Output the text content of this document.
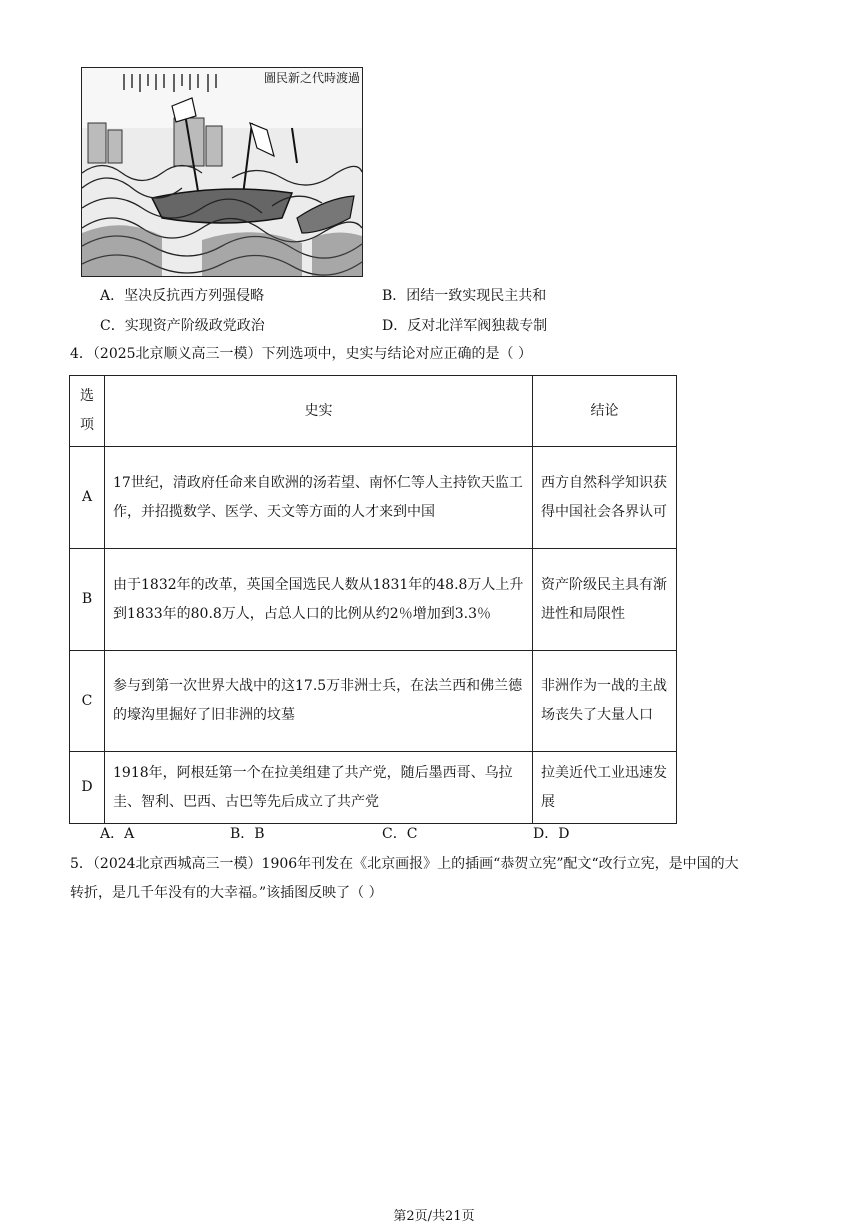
圖民新之代時渡過
A．坚决反抗西方列强侵略	B．团结一致实现民主共和
C．实现资产阶级政党政治	D．反对北洋军阀独裁专制
4．（2025北京顺义高三一模）下列选项中，史实与结论对应正确的是（ ）
选项	史实	结论
A	17世纪，清政府任命来自欧洲的汤若望、南怀仁等人主持钦天监工作，并招揽数学、医学、天文等方面的人才来到中国	西方自然科学知识获得中国社会各界认可
B	由于1832年的改革，英国全国选民人数从1831年的48.8万人上升到1833年的80.8万人，占总人口的比例从约2％增加到3.3％	资产阶级民主具有渐进性和局限性
C	参与到第一次世界大战中的这17.5万非洲士兵，在法兰西和佛兰德的壕沟里掘好了旧非洲的坟墓	非洲作为一战的主战场丧失了大量人口
D	1918年，阿根廷第一个在拉美组建了共产党，随后墨西哥、乌拉圭、智利、巴西、古巴等先后成立了共产党	拉美近代工业迅速发展
A．A	B．B	C．C	D．D
5．（2024北京西城高三一模）1906年刊发在《北京画报》上的插画“恭贺立宪”配文“改行立宪，是中国的大
转折，是几千年没有的大幸福。”该插图反映了（ ）
第2页/共21页
